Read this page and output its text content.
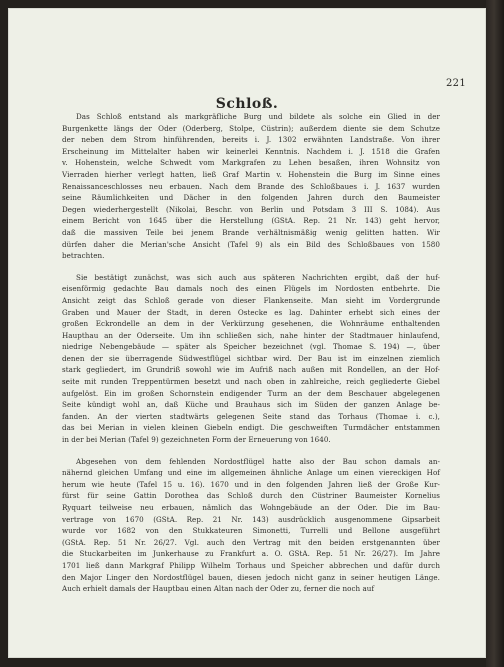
221
Schloß.
Das Schloß entstand als markgräfliche Burg und bildete als solche ein Glied in der
Burgenkette längs der Oder (Oderberg, Stolpe, Cüstrin); außerdem diente sie dem Schutze
der neben dem Strom hinführenden, bereits i. J. 1302 erwähnten Landstraße. Von ihrer
Erscheinung im Mittelalter haben wir keinerlei Kenntnis. Nachdem i. J. 1518 die Grafen
v. Hohenstein, welche Schwedt vom Markgrafen zu Lehen besaßen, ihren Wohnsitz von
Vierraden hierher verlegt hatten, ließ Graf Martin v. Hohenstein die Burg im Sinne eines
Renaissanceschlosses neu erbauen. Nach dem Brande des Schloßbaues i. J. 1637 wurden
seine Räumlichkeiten und Dächer in den folgenden Jahren durch den Baumeister
Degen wiederhergestellt (Nikolai, Beschr. von Berlin und Potsdam 3 III S. 1084). Aus
einem Bericht von 1645 über die Herstellung (GStA. Rep. 21 Nr. 143) geht hervor,
daß die massiven Teile bei jenem Brande verhältnismäßig wenig gelitten hatten. Wir
dürfen daher die Merian'sche Ansicht (Tafel 9) als ein Bild des Schloßbaues von 1580
betrachten.
Sie bestätigt zunächst, was sich auch aus späteren Nachrichten ergibt, daß der huf-
eisenförmig gedachte Bau damals noch des einen Flügels im Nordosten entbehrte. Die
Ansicht zeigt das Schloß gerade von dieser Flankenseite. Man sieht im Vordergrunde
Graben und Mauer der Stadt, in deren Ostecke es lag. Dahinter erhebt sich eines der
großen Eckrondelle an dem in der Verkürzung gesehenen, die Wohnräume enthaltenden
Haupthau an der Oderseite. Um ihn schließen sich, nahe hinter der Stadtmauer hinlaufend,
niedrige Nebengebäude — später als Speicher bezeichnet (vgl. Thomae S. 194) —, über
denen der sie überragende Südwestflügel sichtbar wird. Der Bau ist im einzelnen ziemlich
stark gegliedert, im Grundriß sowohl wie im Aufriß nach außen mit Rondellen, an der Hof-
seite mit runden Treppentürmen besetzt und nach oben in zahlreiche, reich gegliederte Giebel
aufgelöst. Ein im großen Schornstein endigender Turm an der dem Beschauer abgelegenen
Seite kündigt wohl an, daß Küche und Brauhaus sich im Süden der ganzen Anlage be-
fanden. An der vierten stadtwärts gelegenen Seite stand das Torhaus (Thomae i. c.),
das bei Merian in vielen kleinen Giebeln endigt. Die geschweiften Turmdächer entstammen
in der bei Merian (Tafel 9) gezeichneten Form der Erneuerung von 1640.
Abgesehen von dem fehlenden Nordostflügel hatte also der Bau schon damals an-
nähernd gleichen Umfang und eine im allgemeinen ähnliche Anlage um einen viereckigen Hof
herum wie heute (Tafel 15 u. 16). 1670 und in den folgenden Jahren ließ der Große Kur-
fürst für seine Gattin Dorothea das Schloß durch den Cüstriner Baumeister Kornelius
Ryquart teilweise neu erbauen, nämlich das Wohngebäude an der Oder. Die im Bau-
vertrage von 1670 (GStA. Rep. 21 Nr. 143) ausdrücklich ausgenommene Gipsarbeit
wurde vor 1682 von den Stukkateuren Simonetti, Turrelli und Bellone ausgeführt
(GStA. Rep. 51 Nr. 26/27. Vgl. auch den Vertrag mit den beiden erstgenannten über
die Stuckarbeiten im Junkerhause zu Frankfurt a. O. GStA. Rep. 51 Nr. 26/27). Im Jahre
1701 ließ dann Markgraf Philipp Wilhelm Torhaus und Speicher abbrechen und dafür durch
den Major Linger den Nordostflügel bauen, diesen jedoch nicht ganz in seiner heutigen Länge.
Auch erhielt damals der Hauptbau einen Altan nach der Oder zu, ferner die noch auf
